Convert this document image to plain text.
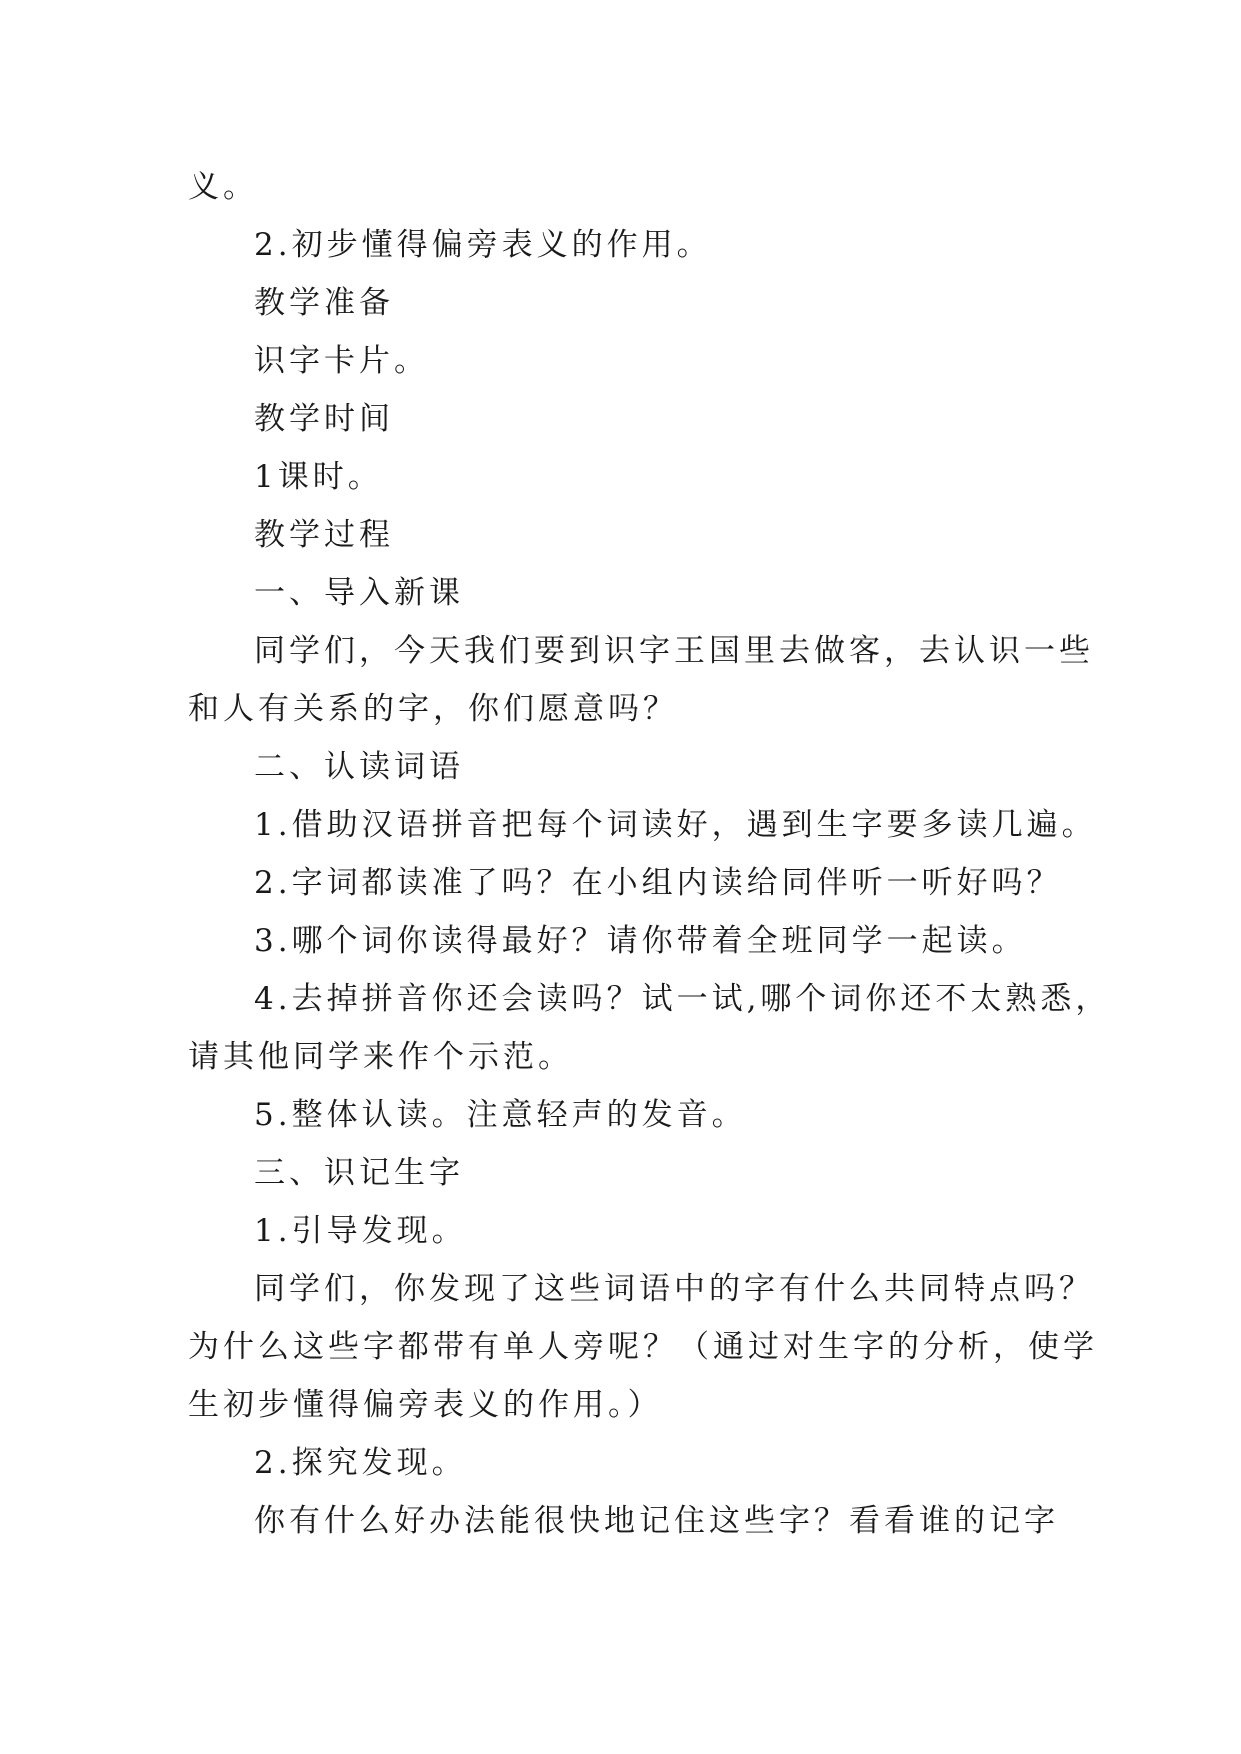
义。
2.初步懂得偏旁表义的作用。
教学准备
识字卡片。
教学时间
1课时。
教学过程
一、导入新课
同学们，今天我们要到识字王国里去做客，去认识一些
和人有关系的字，你们愿意吗？
二、认读词语
1.借助汉语拼音把每个词读好，遇到生字要多读几遍。
2.字词都读准了吗？在小组内读给同伴听一听好吗？
3.哪个词你读得最好？请你带着全班同学一起读。
4.去掉拼音你还会读吗？试一试,哪个词你还不太熟悉，
请其他同学来作个示范。
5.整体认读。注意轻声的发音。
三、识记生字
1.引导发现。
同学们，你发现了这些词语中的字有什么共同特点吗？
为什么这些字都带有单人旁呢？（通过对生字的分析，使学
生初步懂得偏旁表义的作用。）
2.探究发现。
你有什么好办法能很快地记住这些字？看看谁的记字
